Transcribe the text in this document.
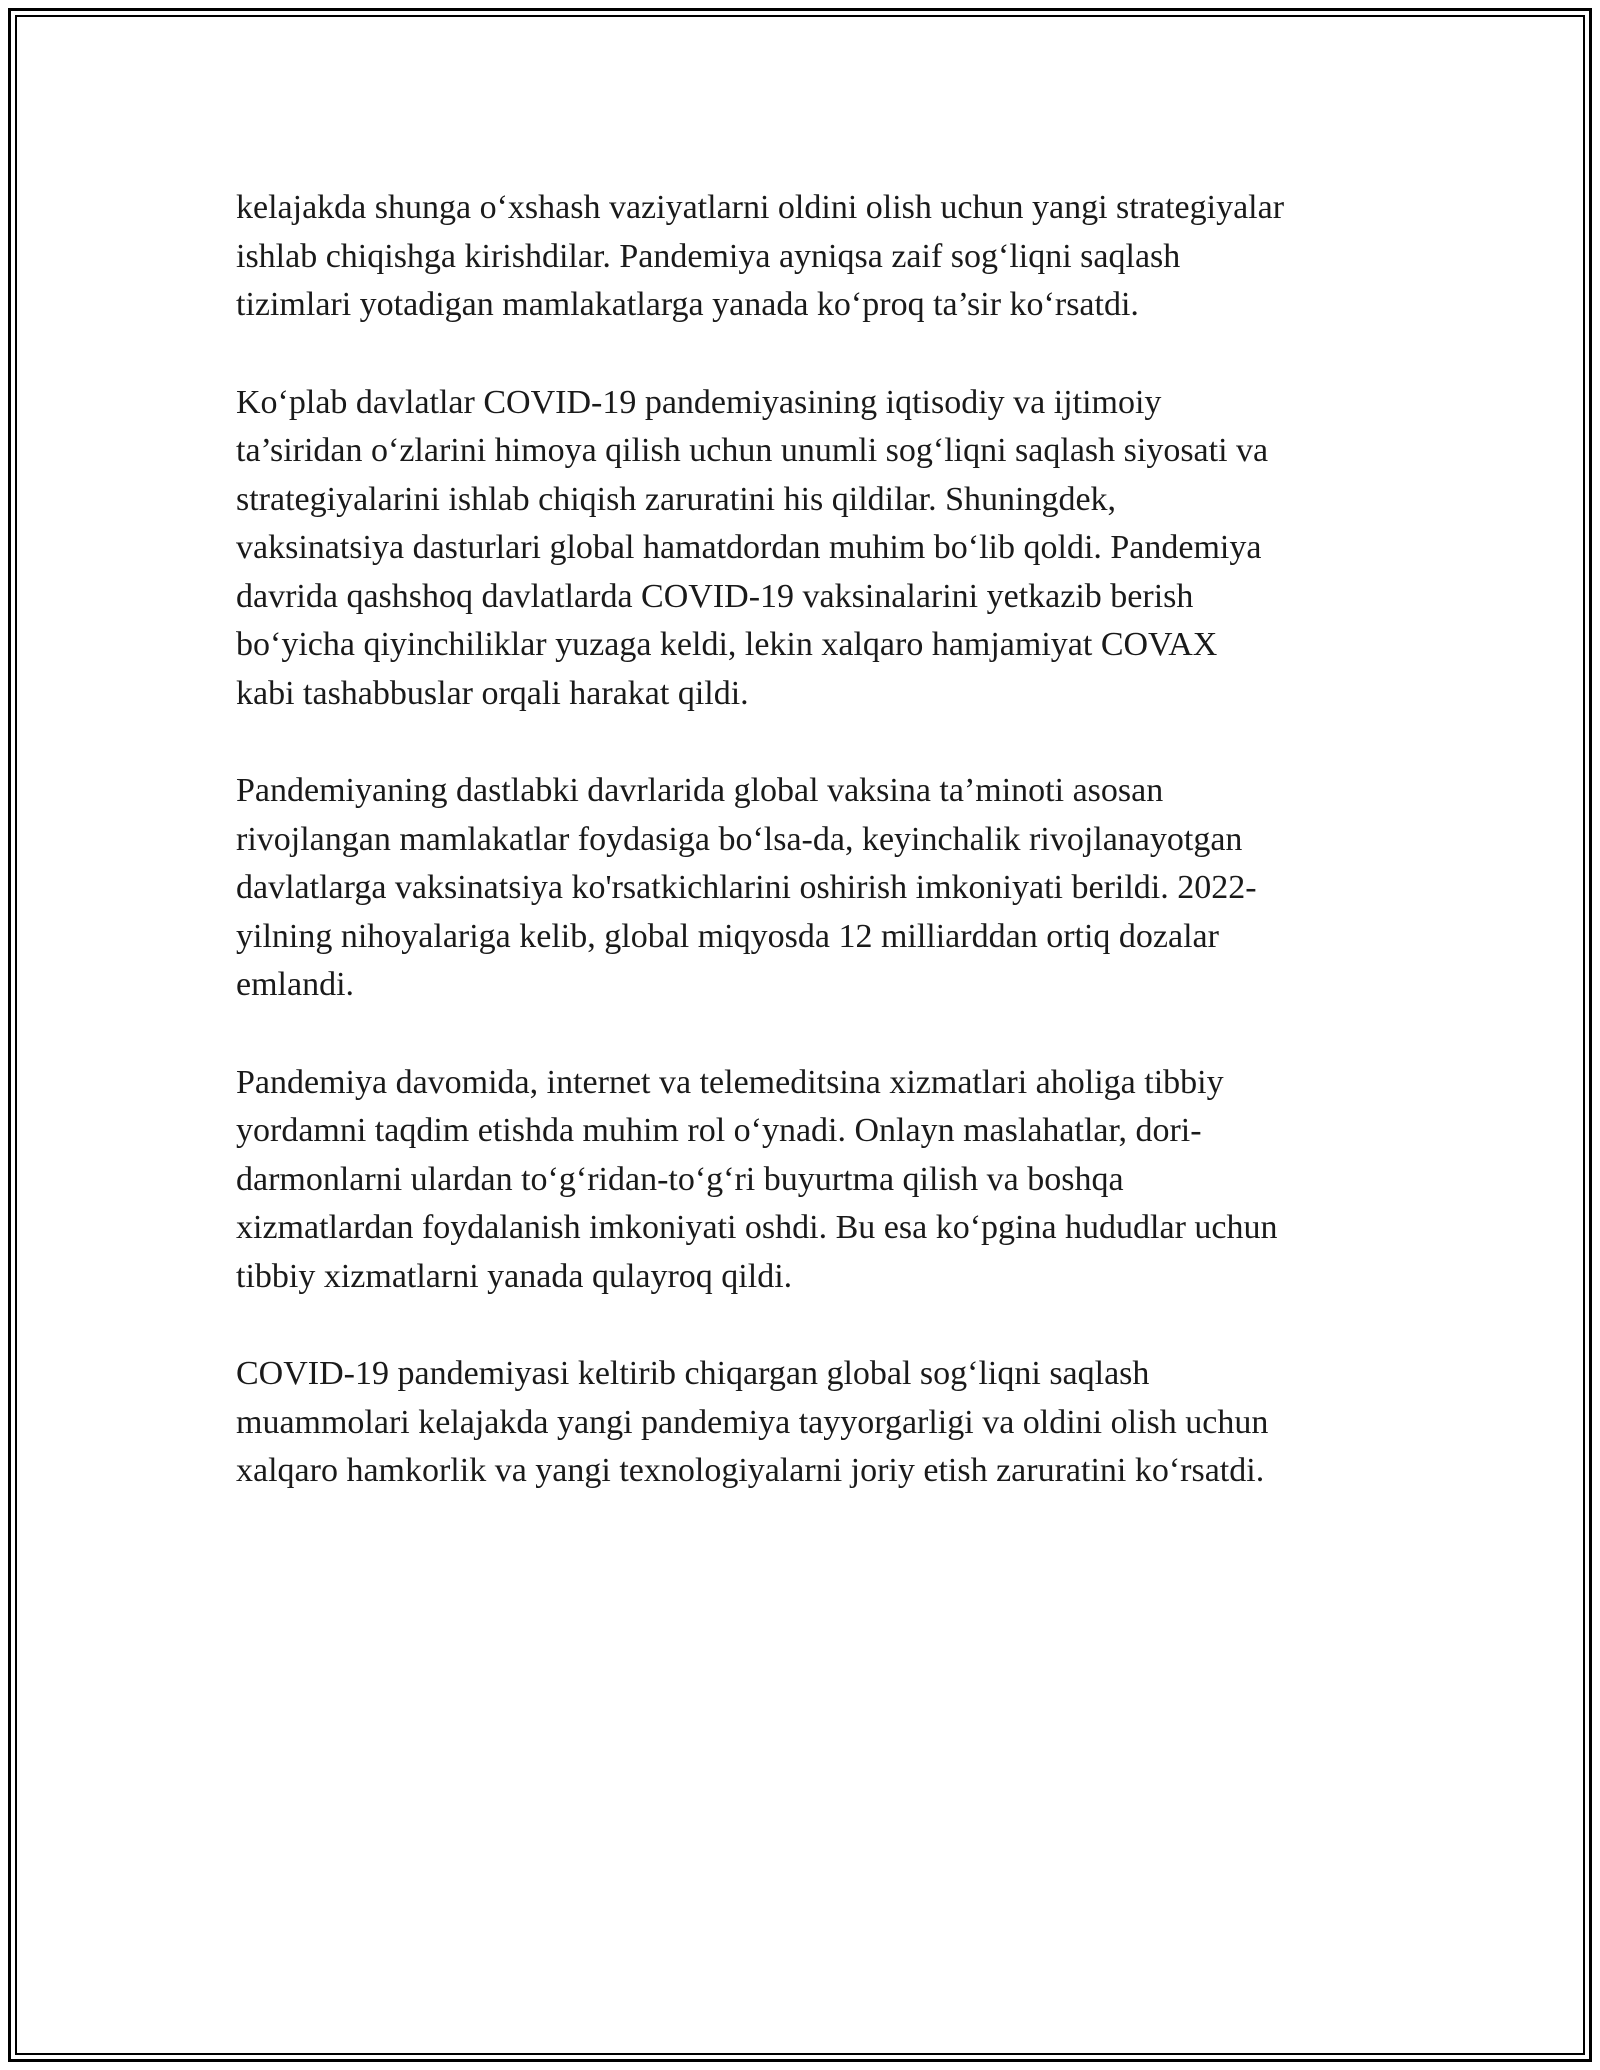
kelajakda shunga o‘xshash vaziyatlarni oldini olish uchun yangi strategiyalar
ishlab chiqishga kirishdilar. Pandemiya ayniqsa zaif sog‘liqni saqlash
tizimlari yotadigan mamlakatlarga yanada ko‘proq ta’sir ko‘rsatdi.

Ko‘plab davlatlar COVID-19 pandemiyasining iqtisodiy va ijtimoiy
ta’siridan o‘zlarini himoya qilish uchun unumli sog‘liqni saqlash siyosati va
strategiyalarini ishlab chiqish zaruratini his qildilar. Shuningdek,
vaksinatsiya dasturlari global hamatdordan muhim bo‘lib qoldi. Pandemiya
davrida qashshoq davlatlarda COVID-19 vaksinalarini yetkazib berish
bo‘yicha qiyinchiliklar yuzaga keldi, lekin xalqaro hamjamiyat COVAX
kabi tashabbuslar orqali harakat qildi.

Pandemiyaning dastlabki davrlarida global vaksina ta’minoti asosan
rivojlangan mamlakatlar foydasiga bo‘lsa-da, keyinchalik rivojlanayotgan
davlatlarga vaksinatsiya ko'rsatkichlarini oshirish imkoniyati berildi. 2022-
yilning nihoyalariga kelib, global miqyosda 12 milliarddan ortiq dozalar
emlandi.

Pandemiya davomida, internet va telemeditsina xizmatlari aholiga tibbiy
yordamni taqdim etishda muhim rol o‘ynadi. Onlayn maslahatlar, dori-
darmonlarni ulardan to‘g‘ridan-to‘g‘ri buyurtma qilish va boshqa
xizmatlardan foydalanish imkoniyati oshdi. Bu esa ko‘pgina hududlar uchun
tibbiy xizmatlarni yanada qulayroq qildi.

COVID-19 pandemiyasi keltirib chiqargan global sog‘liqni saqlash
muammolari kelajakda yangi pandemiya tayyorgarligi va oldini olish uchun
xalqaro hamkorlik va yangi texnologiyalarni joriy etish zaruratini ko‘rsatdi.
